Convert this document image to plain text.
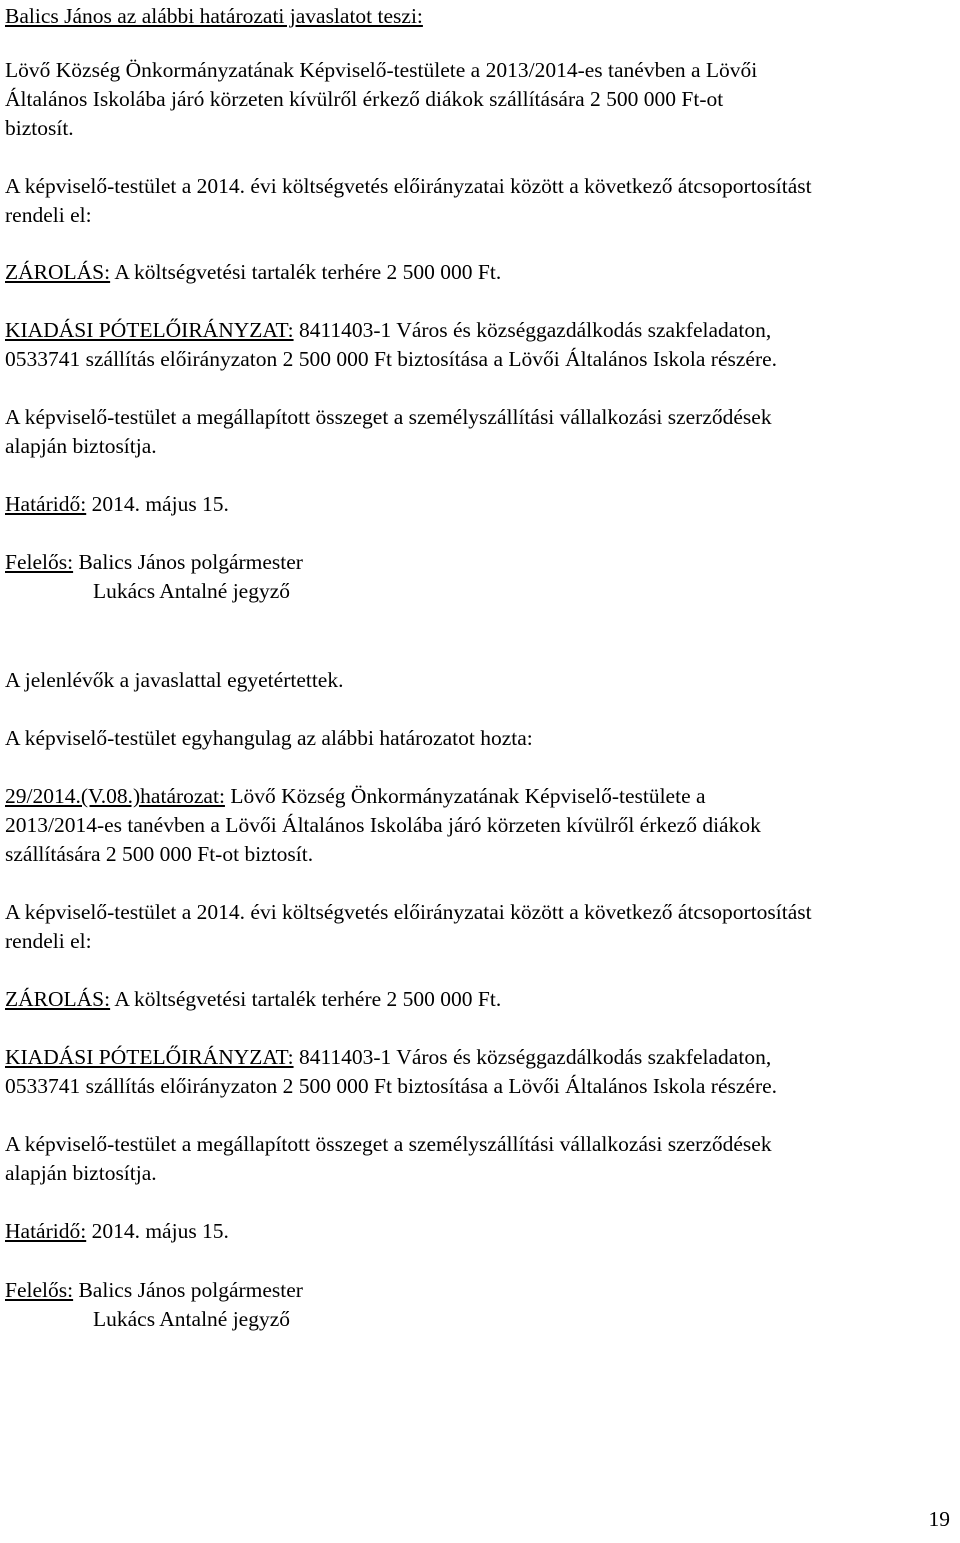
Balics János az alábbi határozati javaslatot teszi:
Lövő Község Önkormányzatának Képviselő-testülete a 2013/2014-es tanévben a Lövői
Általános Iskolába járó körzeten kívülről érkező diákok szállítására 2 500 000 Ft-ot
biztosít.
A képviselő-testület a 2014. évi költségvetés előirányzatai között a következő átcsoportosítást
rendeli el:
ZÁROLÁS: A költségvetési tartalék terhére 2 500 000 Ft.
KIADÁSI PÓTELŐIRÁNYZAT: 8411403-1 Város és községgazdálkodás szakfeladaton,
0533741 szállítás előirányzaton 2 500 000 Ft biztosítása a Lövői Általános Iskola részére.
A képviselő-testület a megállapított összeget a személyszállítási vállalkozási szerződések
alapján biztosítja.
Határidő: 2014. május 15.
Felelős: Balics János polgármester
Lukács Antalné jegyző
A jelenlévők a javaslattal egyetértettek.
A képviselő-testület egyhangulag az alábbi határozatot hozta:
29/2014.(V.08.)határozat: Lövő Község Önkormányzatának Képviselő-testülete a
2013/2014-es tanévben a Lövői Általános Iskolába járó körzeten kívülről érkező diákok
szállítására 2 500 000 Ft-ot biztosít.
A képviselő-testület a 2014. évi költségvetés előirányzatai között a következő átcsoportosítást
rendeli el:
ZÁROLÁS: A költségvetési tartalék terhére 2 500 000 Ft.
KIADÁSI PÓTELŐIRÁNYZAT: 8411403-1 Város és községgazdálkodás szakfeladaton,
0533741 szállítás előirányzaton 2 500 000 Ft biztosítása a Lövői Általános Iskola részére.
A képviselő-testület a megállapított összeget a személyszállítási vállalkozási szerződések
alapján biztosítja.
Határidő: 2014. május 15.
Felelős: Balics János polgármester
Lukács Antalné jegyző
19
